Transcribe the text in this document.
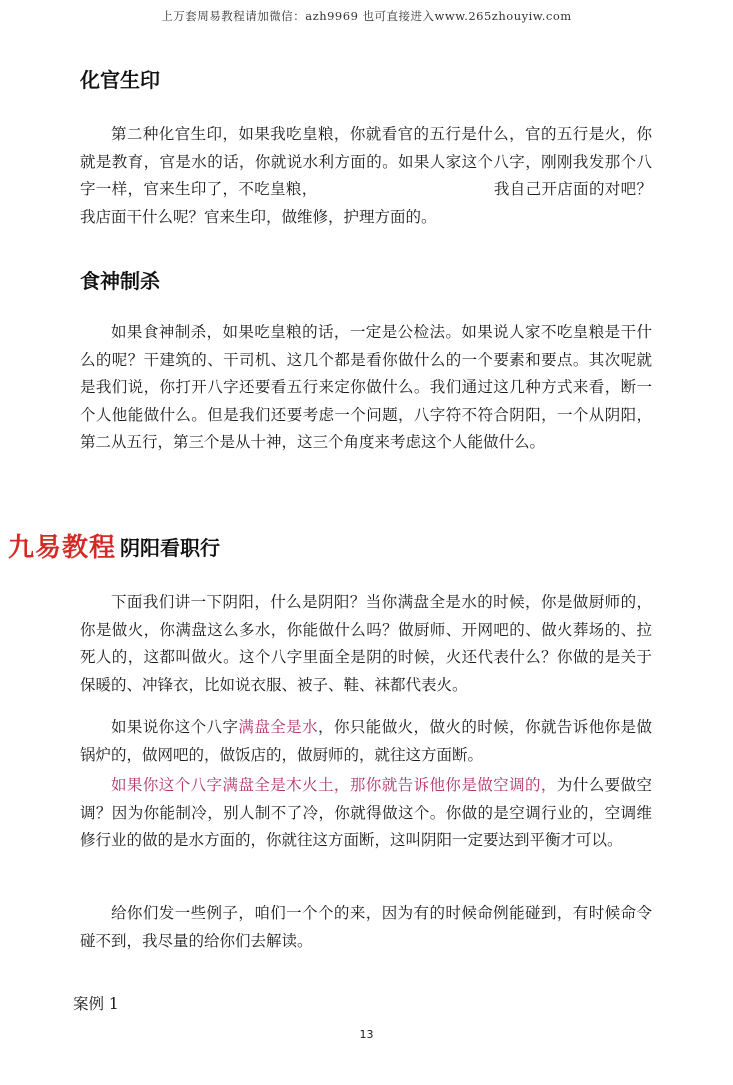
上万套周易教程请加微信：azh9969 也可直接进入www.265zhouyiw.com
化官生印

第二种化官生印，如果我吃皇粮，你就看官的五行是什么，官的五行是火，你就是教育，官是水的话，你就说水利方面的。如果人家这个八字，刚刚我发那个八字一样，官来生印了，不吃皇粮，	我自己开店面的对吧？我店面干什么呢？官来生印，做维修，护理方面的。

食神制杀

如果食神制杀，如果吃皇粮的话，一定是公检法。如果说人家不吃皇粮是干什么的呢？干建筑的、干司机、这几个都是看你做什么的一个要素和要点。其次呢就是我们说，你打开八字还要看五行来定你做什么。我们通过这几种方式来看，断一个人他能做什么。但是我们还要考虑一个问题，八字符不符合阴阳，一个从阴阳，第二从五行，第三个是从十神，这三个角度来考虑这个人能做什么。

阴阳看职行
九易教程

下面我们讲一下阴阳，什么是阴阳？当你满盘全是水的时候，你是做厨师的，你是做火，你满盘这么多水，你能做什么吗？做厨师、开网吧的、做火葬场的、拉死人的，这都叫做火。这个八字里面全是阴的时候，火还代表什么？你做的是关于保暖的、冲锋衣，比如说衣服、被子、鞋、袜都代表火。

如果说你这个八字满盘全是水，你只能做火，做火的时候，你就告诉他你是做锅炉的，做网吧的，做饭店的，做厨师的，就往这方面断。

如果你这个八字满盘全是木火土，那你就告诉他你是做空调的，为什么要做空调？因为你能制冷，别人制不了冷，你就得做这个。你做的是空调行业的，空调维修行业的做的是水方面的，你就往这方面断，这叫阴阳一定要达到平衡才可以。

给你们发一些例子，咱们一个个的来，因为有的时候命例能碰到，有时候命令碰不到，我尽量的给你们去解读。

案例 1
13
